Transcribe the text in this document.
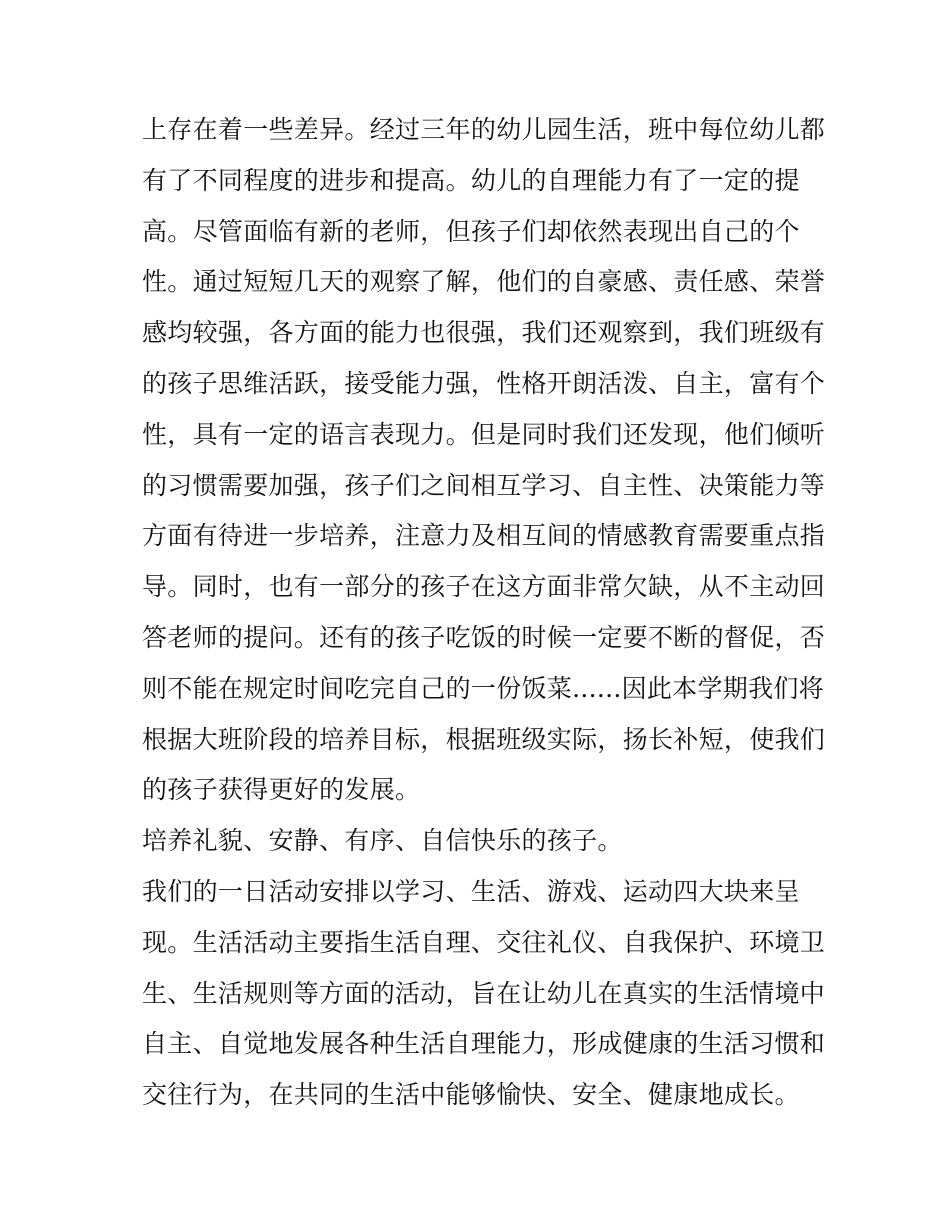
上存在着一些差异。经过三年的幼儿园生活，班中每位幼儿都
有了不同程度的进步和提高。幼儿的自理能力有了一定的提
高。尽管面临有新的老师，但孩子们却依然表现出自己的个
性。通过短短几天的观察了解，他们的自豪感、责任感、荣誉
感均较强，各方面的能力也很强，我们还观察到，我们班级有
的孩子思维活跃，接受能力强，性格开朗活泼、自主，富有个
性，具有一定的语言表现力。但是同时我们还发现，他们倾听
的习惯需要加强，孩子们之间相互学习、自主性、决策能力等
方面有待进一步培养，注意力及相互间的情感教育需要重点指
导。同时，也有一部分的孩子在这方面非常欠缺，从不主动回
答老师的提问。还有的孩子吃饭的时候一定要不断的督促，否
则不能在规定时间吃完自己的一份饭菜......因此本学期我们将
根据大班阶段的培养目标，根据班级实际，扬长补短，使我们
的孩子获得更好的发展。
培养礼貌、安静、有序、自信快乐的孩子。
我们的一日活动安排以学习、生活、游戏、运动四大块来呈
现。生活活动主要指生活自理、交往礼仪、自我保护、环境卫
生、生活规则等方面的活动，旨在让幼儿在真实的生活情境中
自主、自觉地发展各种生活自理能力，形成健康的生活习惯和
交往行为，在共同的生活中能够愉快、安全、健康地成长。
